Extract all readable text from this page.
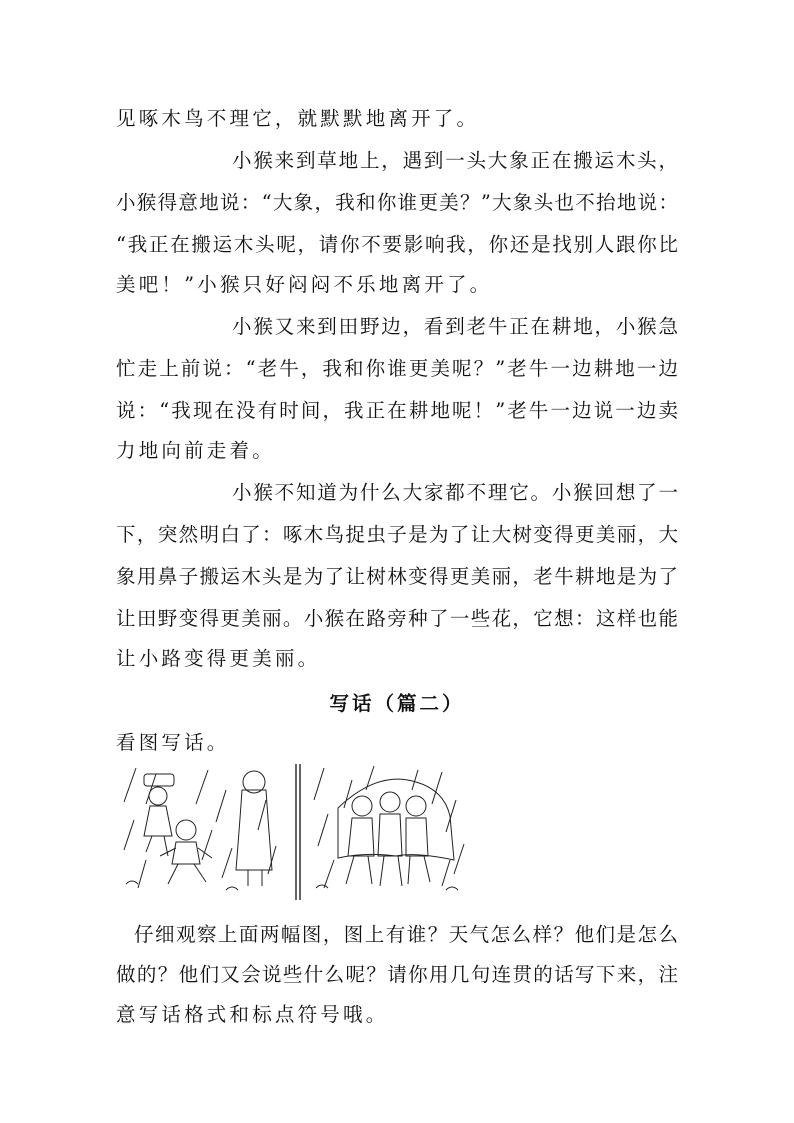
见啄木鸟不理它，就默默地离开了。
小猴来到草地上，遇到一头大象正在搬运木头，
小猴得意地说：“大象，我和你谁更美？”大象头也不抬地说：
“我正在搬运木头呢，请你不要影响我，你还是找别人跟你比
美吧！”小猴只好闷闷不乐地离开了。
小猴又来到田野边，看到老牛正在耕地，小猴急
忙走上前说：“老牛，我和你谁更美呢？”老牛一边耕地一边
说：“我现在没有时间，我正在耕地呢！”老牛一边说一边卖
力地向前走着。
小猴不知道为什么大家都不理它。小猴回想了一
下，突然明白了：啄木鸟捉虫子是为了让大树变得更美丽，大
象用鼻子搬运木头是为了让树林变得更美丽，老牛耕地是为了
让田野变得更美丽。小猴在路旁种了一些花，它想：这样也能
让小路变得更美丽。
写话（篇二）
看图写话。
仔细观察上面两幅图，图上有谁？天气怎么样？他们是怎么
做的？他们又会说些什么呢？请你用几句连贯的话写下来，注
意写话格式和标点符号哦。
